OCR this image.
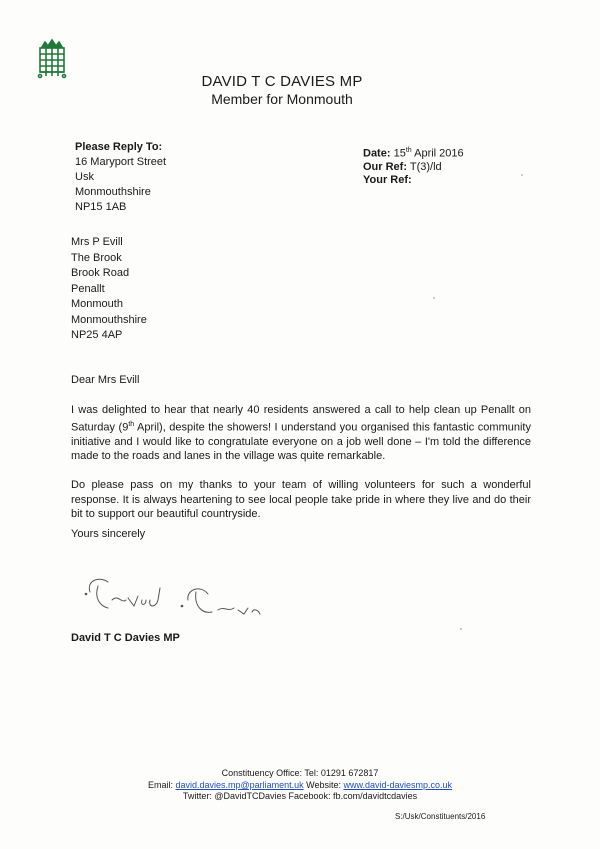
DAVID T C DAVIES MP
Member for Monmouth
Please Reply To:
16 Maryport Street
Usk
Monmouthshire
NP15 1AB
Date: 15th April 2016
Our Ref: T(3)/ld
Your Ref:
Mrs P Evill
The Brook
Brook Road
Penallt
Monmouth
Monmouthshire
NP25 4AP
Dear Mrs Evill
I was delighted to hear that nearly 40 residents answered a call to help clean up Penallt on Saturday (9th April), despite the showers! I understand you organised this fantastic community initiative and I would like to congratulate everyone on a job well done – I'm told the difference made to the roads and lanes in the village was quite remarkable.
Do please pass on my thanks to your team of willing volunteers for such a wonderful response. It is always heartening to see local people take pride in where they live and do their bit to support our beautiful countryside.
Yours sincerely
David T C Davies MP
Constituency Office: Tel: 01291 672817
Email: david.davies.mp@parliament.uk Website: www.david-daviesmp.co.uk
Twitter: @DavidTCDavies Facebook: fb.com/davidtcdavies
S:/Usk/Constituents/2016
